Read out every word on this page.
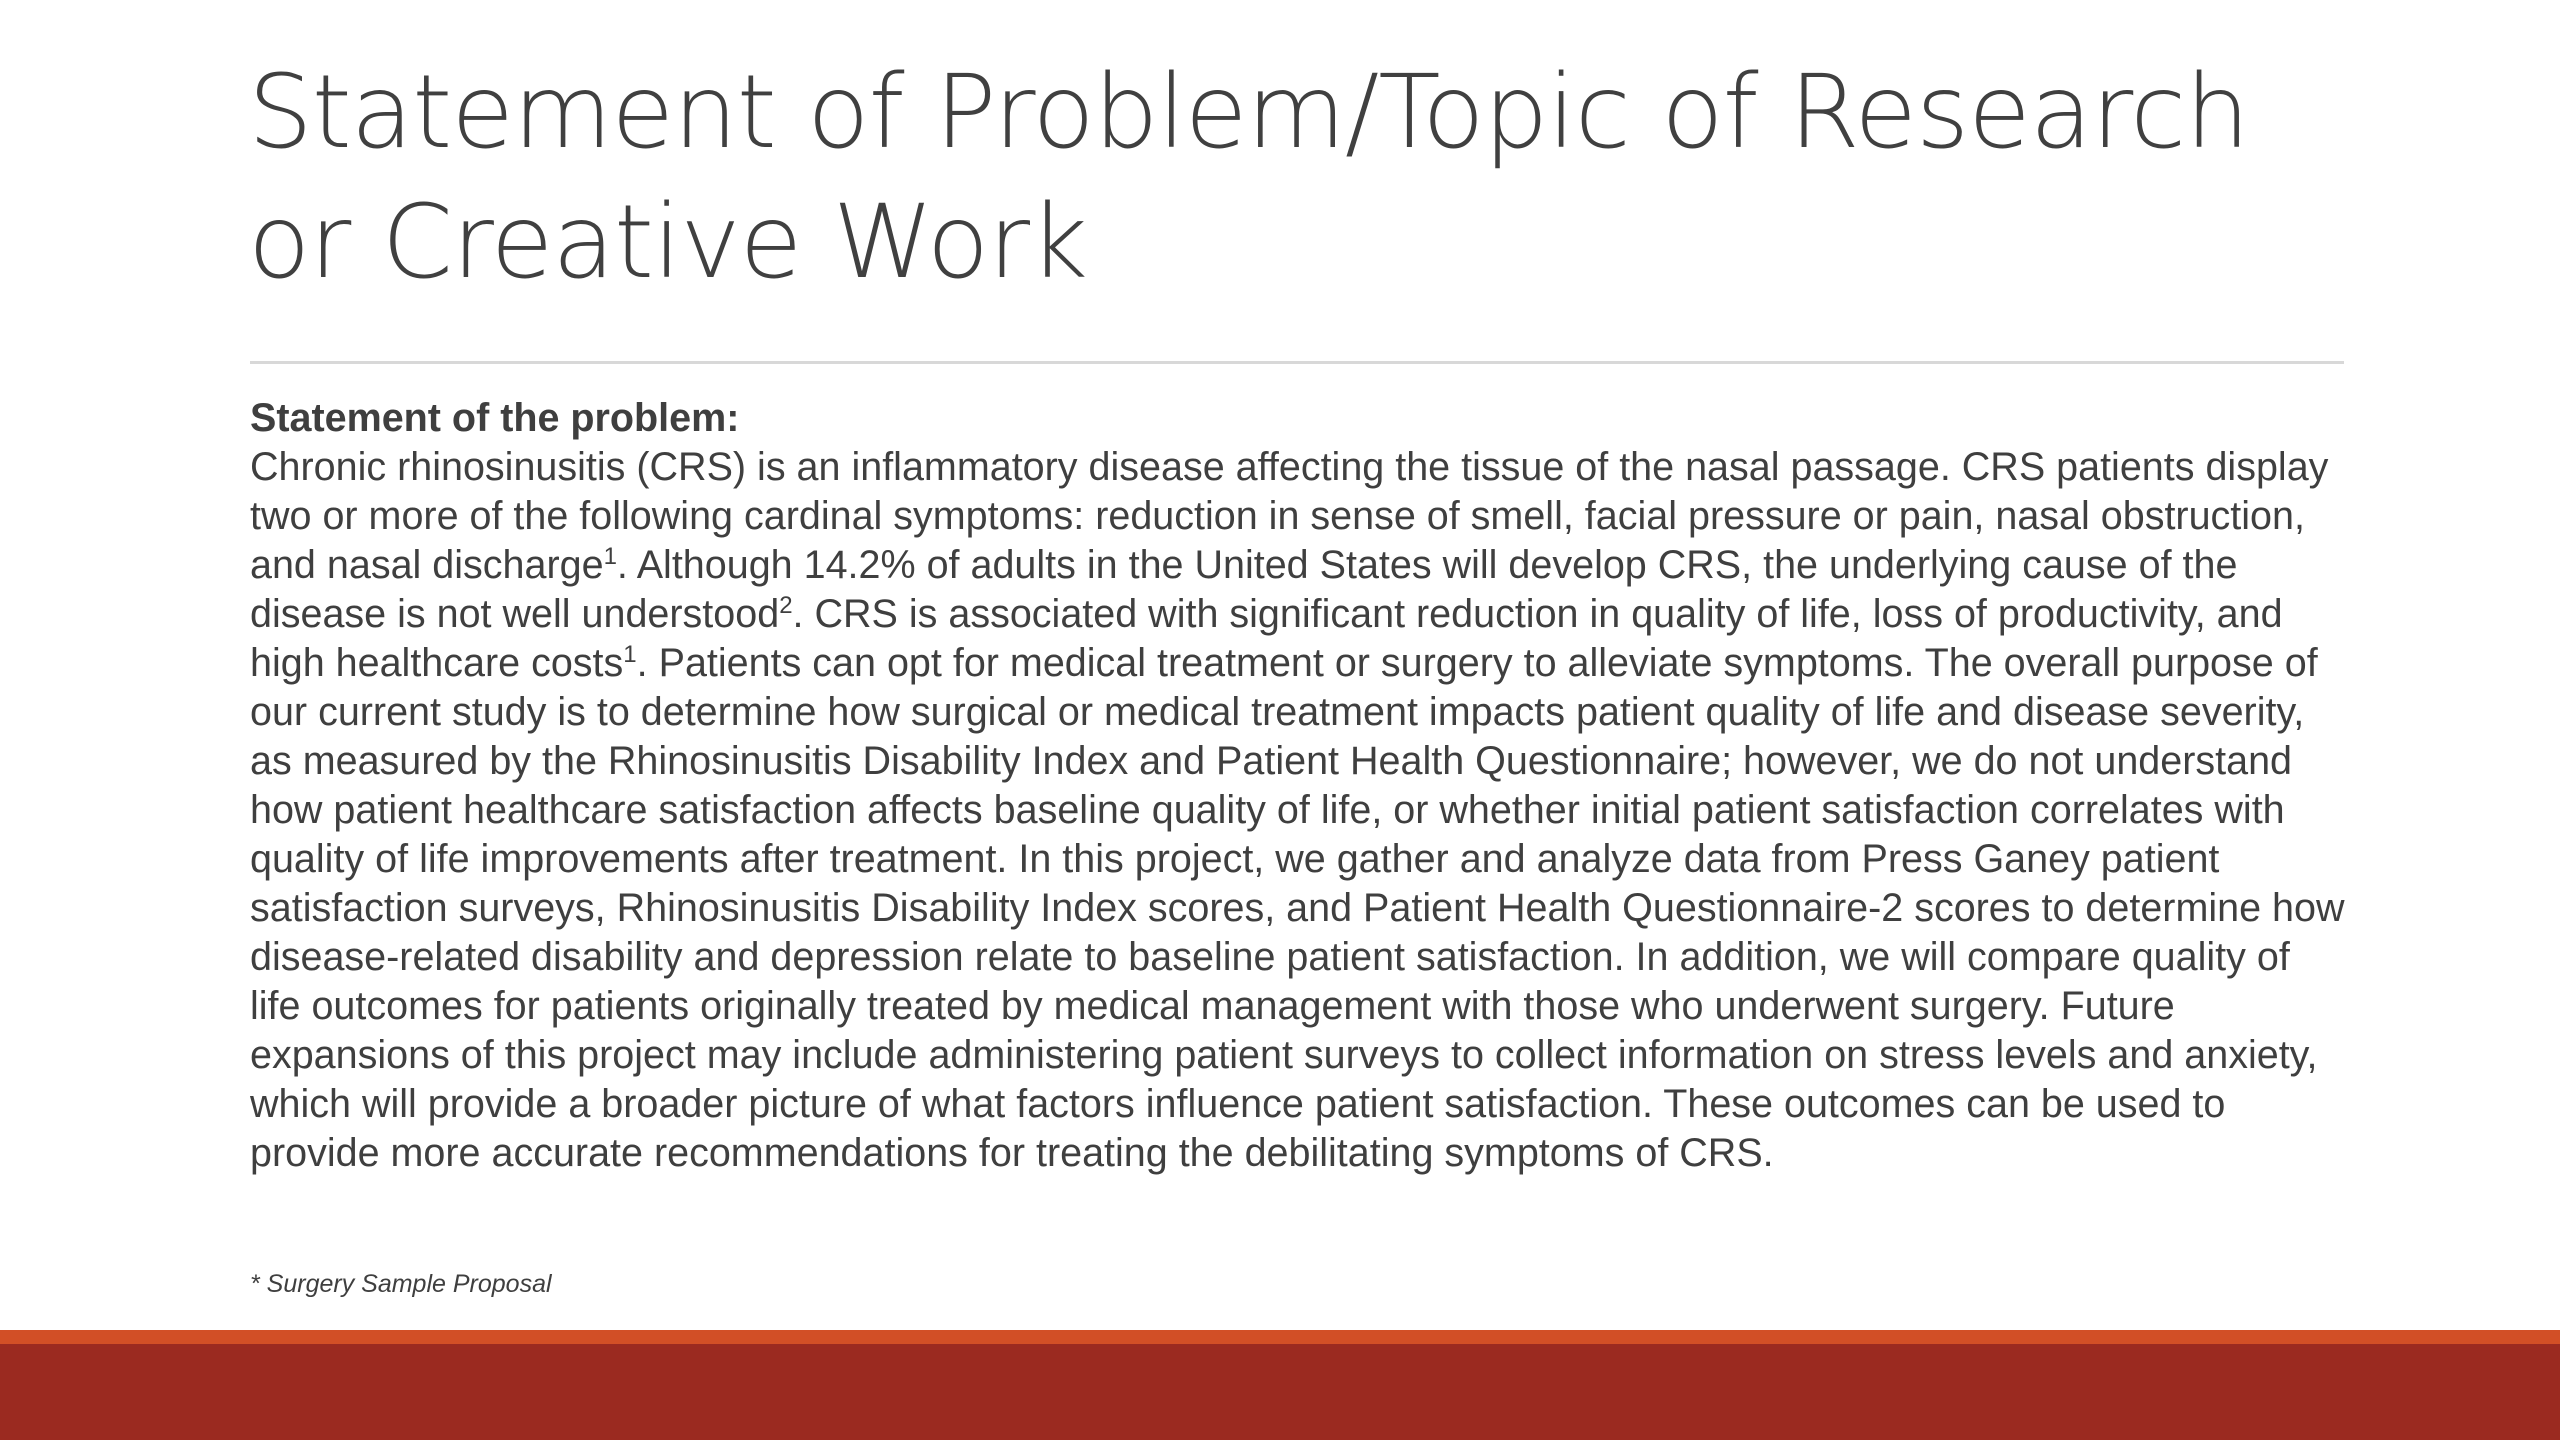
Statement of Problem/Topic of Research or Creative Work
Statement of the problem:
Chronic rhinosinusitis (CRS) is an inflammatory disease affecting the tissue of the nasal passage. CRS patients display two or more of the following cardinal symptoms: reduction in sense of smell, facial pressure or pain, nasal obstruction, and nasal discharge$^1$. Although 14.2% of adults in the United States will develop CRS, the underlying cause of the disease is not well understood$^2$. CRS is associated with significant reduction in quality of life, loss of productivity, and high healthcare costs$^1$. Patients can opt for medical treatment or surgery to alleviate symptoms. The overall purpose of our current study is to determine how surgical or medical treatment impacts patient quality of life and disease severity, as measured by the Rhinosinusitis Disability Index and Patient Health Questionnaire; however, we do not understand how patient healthcare satisfaction affects baseline quality of life, or whether initial patient satisfaction correlates with quality of life improvements after treatment. In this project, we gather and analyze data from Press Ganey patient satisfaction surveys, Rhinosinusitis Disability Index scores, and Patient Health Questionnaire-2 scores to determine how disease-related disability and depression relate to baseline patient satisfaction. In addition, we will compare quality of life outcomes for patients originally treated by medical management with those who underwent surgery. Future expansions of this project may include administering patient surveys to collect information on stress levels and anxiety, which will provide a broader picture of what factors influence patient satisfaction. These outcomes can be used to provide more accurate recommendations for treating the debilitating symptoms of CRS.
* Surgery Sample Proposal
